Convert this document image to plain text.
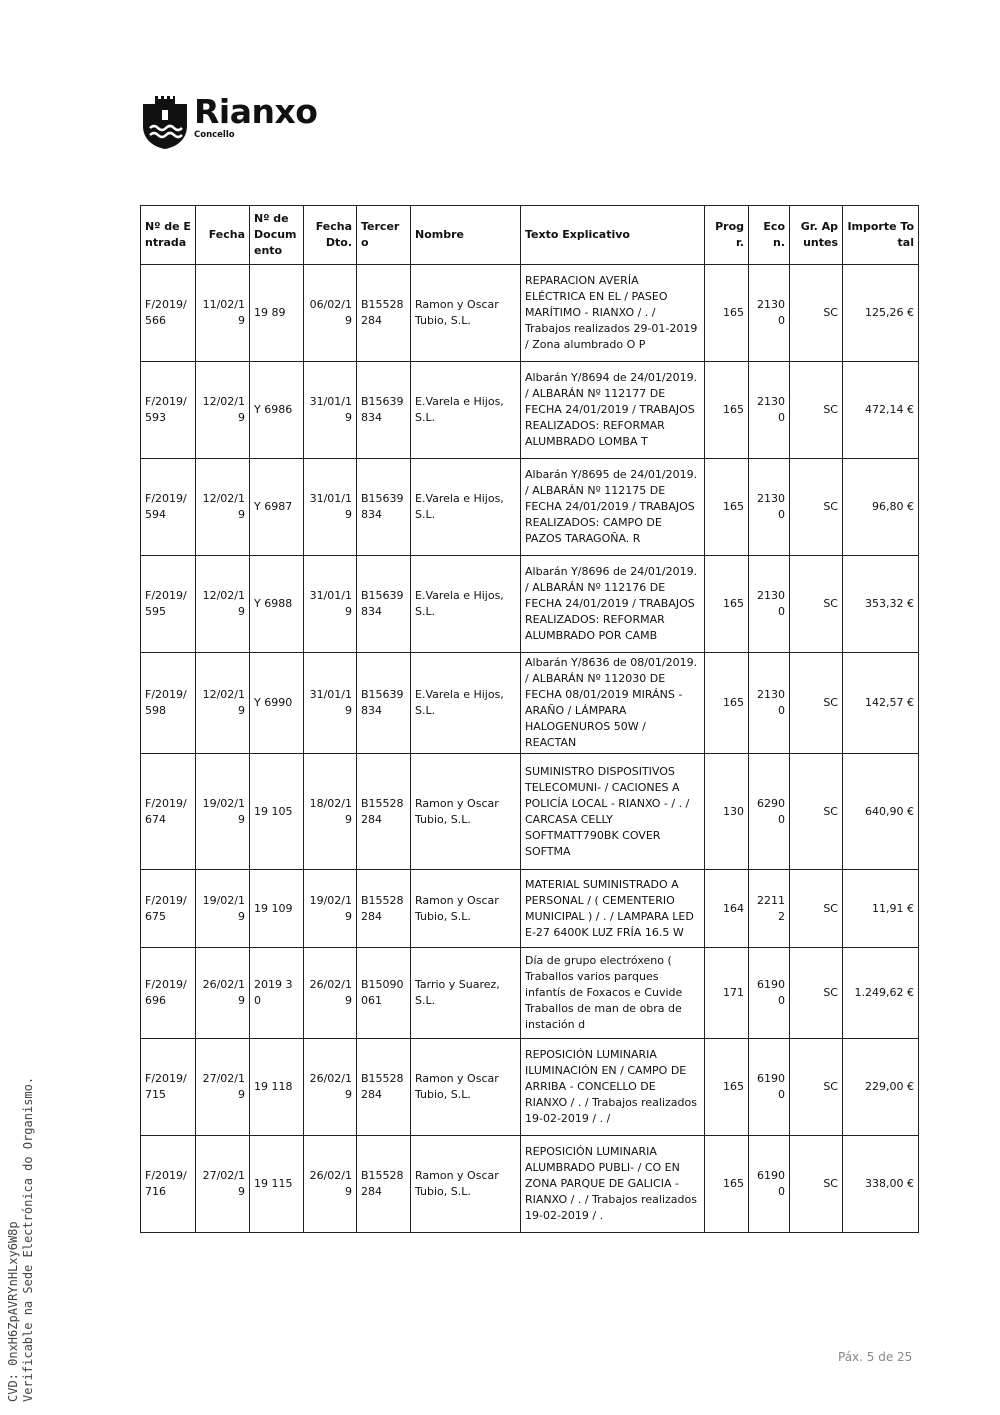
Rianxo
Concello
Nº de Entrada	Fecha	Nº de Documento	Fecha Dto.	Tercero	Nombre	Texto Explicativo	Progr.	Econ.	Gr. Apuntes	Importe Total
F/2019/566	11/02/19	19 89	06/02/19	B15528284	Ramon y Oscar Tubio, S.L.	REPARACION AVERÍA ELÉCTRICA EN EL / PASEO MARÍTIMO - RIANXO / . / Trabajos realizados 29-01-2019 / Zona alumbrado O P	165	21300	SC	125,26 €
F/2019/593	12/02/19	Y 6986	31/01/19	B15639834	E.Varela e Hijos, S.L.	Albarán Y/8694 de 24/01/2019. / ALBARÁN Nº 112177 DE FECHA 24/01/2019 / TRABAJOS REALIZADOS: REFORMAR ALUMBRADO LOMBA T	165	21300	SC	472,14 €
F/2019/594	12/02/19	Y 6987	31/01/19	B15639834	E.Varela e Hijos, S.L.	Albarán Y/8695 de 24/01/2019. / ALBARÁN Nº 112175 DE FECHA 24/01/2019 / TRABAJOS REALIZADOS: CAMPO DE PAZOS TARAGOÑA. R	165	21300	SC	96,80 €
F/2019/595	12/02/19	Y 6988	31/01/19	B15639834	E.Varela e Hijos, S.L.	Albarán Y/8696 de 24/01/2019. / ALBARÁN Nº 112176 DE FECHA 24/01/2019 / TRABAJOS REALIZADOS: REFORMAR ALUMBRADO POR CAMB	165	21300	SC	353,32 €
F/2019/598	12/02/19	Y 6990	31/01/19	B15639834	E.Varela e Hijos, S.L.	Albarán Y/8636 de 08/01/2019. / ALBARÁN Nº 112030 DE FECHA 08/01/2019 MIRÁNS - ARAÑO / LÁMPARA HALOGENUROS 50W / REACTAN	165	21300	SC	142,57 €
F/2019/674	19/02/19	19 105	18/02/19	B15528284	Ramon y Oscar Tubio, S.L.	SUMINISTRO DISPOSITIVOS TELECOMUNI- / CACIONES A POLICÍA LOCAL - RIANXO - / . / CARCASA CELLY SOFTMATT790BK COVER SOFTMA	130	62900	SC	640,90 €
F/2019/675	19/02/19	19 109	19/02/19	B15528284	Ramon y Oscar Tubio, S.L.	MATERIAL SUMINISTRADO A PERSONAL / ( CEMENTERIO MUNICIPAL ) / . / LAMPARA LED E-27 6400K LUZ FRÍA 16.5 W	164	22112	SC	11,91 €
F/2019/696	26/02/19	2019 30	26/02/19	B15090061	Tarrio y Suarez, S.L.	Día de grupo electróxeno ( Traballos varios parques infantís de Foxacos e Cuvide Traballos de man de obra de instación d	171	61900	SC	1.249,62 €
F/2019/715	27/02/19	19 118	26/02/19	B15528284	Ramon y Oscar Tubio, S.L.	REPOSICIÓN LUMINARIA ILUMINACIÓN EN / CAMPO DE ARRIBA - CONCELLO DE RIANXO / . / Trabajos realizados 19-02-2019 / . /	165	61900	SC	229,00 €
F/2019/716	27/02/19	19 115	26/02/19	B15528284	Ramon y Oscar Tubio, S.L.	REPOSICIÓN LUMINARIA ALUMBRADO PUBLI- / CO EN ZONA PARQUE DE GALICIA - RIANXO / . / Trabajos realizados 19-02-2019 / .	165	61900	SC	338,00 €
Páx. 5 de 25
CVD: 0nxH6ZpAVRYnHLxy6W8p Verificable na Sede Electrónica do Organismo.
